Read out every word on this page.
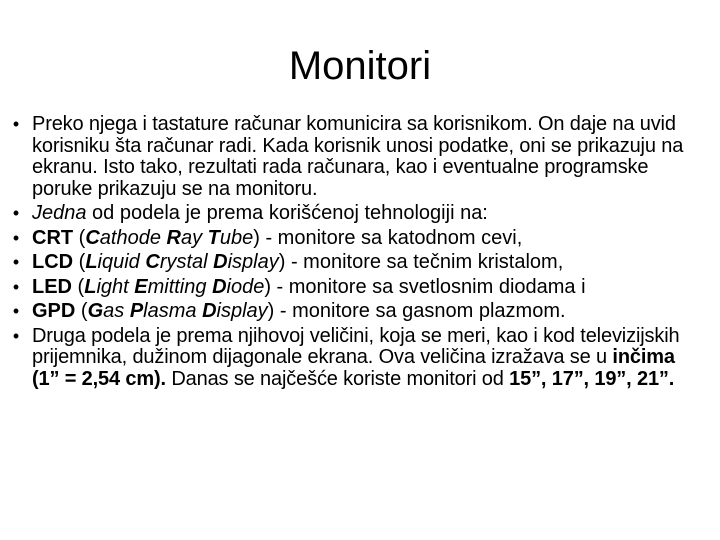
Monitori
• Preko njega i tastature računar komunicira sa korisnikom. On daje na uvid korisniku šta računar radi. Kada korisnik unosi podatke, oni se prikazuju na ekranu. Isto tako, rezultati rada računara, kao i eventualne programske poruke prikazuju se na monitoru.
• Jedna od podela je prema korišćenoj tehnologiji na:
• CRT (Cathode Ray Tube) - monitore sa katodnom cevi,
• LCD (Liquid Crystal Display) - monitore sa tečnim kristalom,
• LED (Light Emitting Diode) - monitore sa svetlosnim diodama i
• GPD (Gas Plasma Display) - monitore sa gasnom plazmom.
• Druga podela je prema njihovoj veličini, koja se meri, kao i kod televizijskih prijemnika, dužinom dijagonale ekrana. Ova veličina izražava se u inčima (1” = 2,54 cm). Danas se najčešće koriste monitori od 15”, 17”, 19”, 21”.
